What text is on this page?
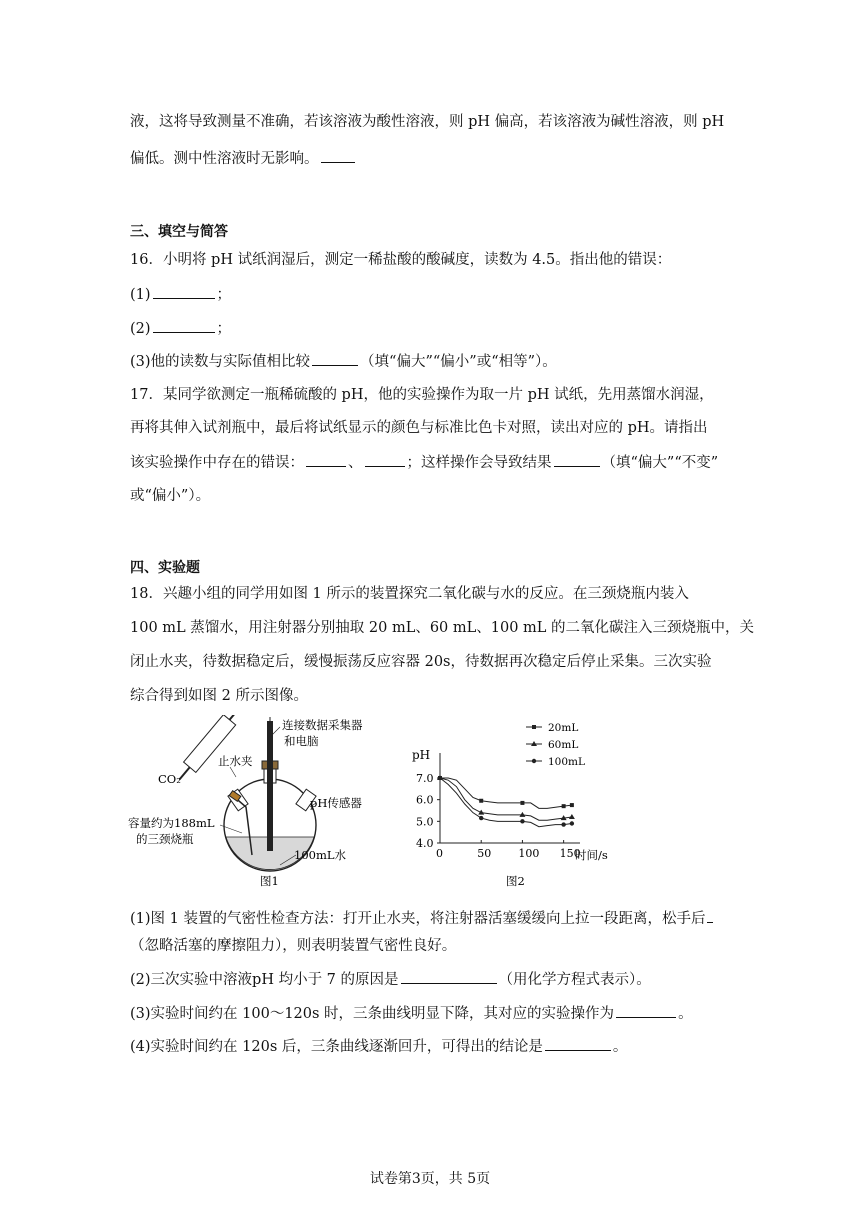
液，这将导致测量不准确，若该溶液为酸性溶液，则 pH 偏高，若该溶液为碱性溶液，则 pH
偏低。测中性溶液时无影响。
三、填空与简答
16．小明将 pH 试纸润湿后，测定一稀盐酸的酸碱度，读数为 4.5。指出他的错误：
(1)	；
(2)	；
(3)他的读数与实际值相比较	（填“偏大”“偏小”或“相等”）。
17．某同学欲测定一瓶稀硫酸的 pH，他的实验操作为取一片 pH 试纸，先用蒸馏水润湿，
再将其伸入试剂瓶中，最后将试纸显示的颜色与标准比色卡对照，读出对应的 pH。请指出
该实验操作中存在的错误：	、	；这样操作会导致结果	（填“偏大”“不变”
或“偏小”）。
四、实验题
18．兴趣小组的同学用如图 1 所示的装置探究二氧化碳与水的反应。在三颈烧瓶内装入
100 mL 蒸馏水，用注射器分别抽取 20 mL、60 mL、100 mL 的二氧化碳注入三颈烧瓶中，关
闭止水夹，待数据稳定后，缓慢振荡反应容器 20s，待数据再次稳定后停止采集。三次实验
综合得到如图 2 所示图像。
连接数据采集器
和电脑
止水夹
CO₂
pH传感器
容量约为188mL
的三颈烧瓶
100mL水
图1
pH
时间/s
图2
4.0
5.0
6.0
7.0
0	50 100 150
20mL
60mL
100mL
(1)图 1 装置的气密性检查方法：打开止水夹，将注射器活塞缓缓向上拉一段距离，松手后
（忽略活塞的摩擦阻力），则表明装置气密性良好。
(2)三次实验中溶液pH 均小于 7 的原因是	（用化学方程式表示）。
(3)实验时间约在 100～120s 时，三条曲线明显下降，其对应的实验操作为	。
(4)实验时间约在 120s 后，三条曲线逐渐回升，可得出的结论是	。
试卷第3页，共 5页
